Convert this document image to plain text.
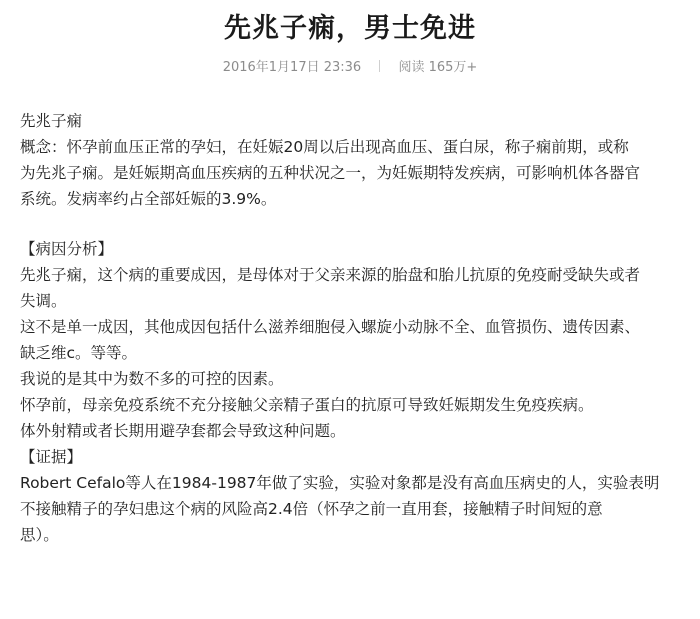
先兆子痫，男士免进
2016年1月17日 23:36	阅读 165万+
先兆子痫
概念：怀孕前血压正常的孕妇，在妊娠20周以后出现高血压、蛋白尿，称子痫前期，或称
为先兆子痫。是妊娠期高血压疾病的五种状况之一，为妊娠期特发疾病，可影响机体各器官
系统。发病率约占全部妊娠的3.9%。
【病因分析】
先兆子痫，这个病的重要成因，是母体对于父亲来源的胎盘和胎儿抗原的免疫耐受缺失或者
失调。
这不是单一成因，其他成因包括什么滋养细胞侵入螺旋小动脉不全、血管损伤、遗传因素、
缺乏维c。等等。
我说的是其中为数不多的可控的因素。
怀孕前，母亲免疫系统不充分接触父亲精子蛋白的抗原可导致妊娠期发生免疫疾病。
体外射精或者长期用避孕套都会导致这种问题。
【证据】
Robert Cefalo等人在1984-1987年做了实验，实验对象都是没有高血压病史的人，实验表明
不接触精子的孕妇患这个病的风险高2.4倍（怀孕之前一直用套，接触精子时间短的意
思）。
